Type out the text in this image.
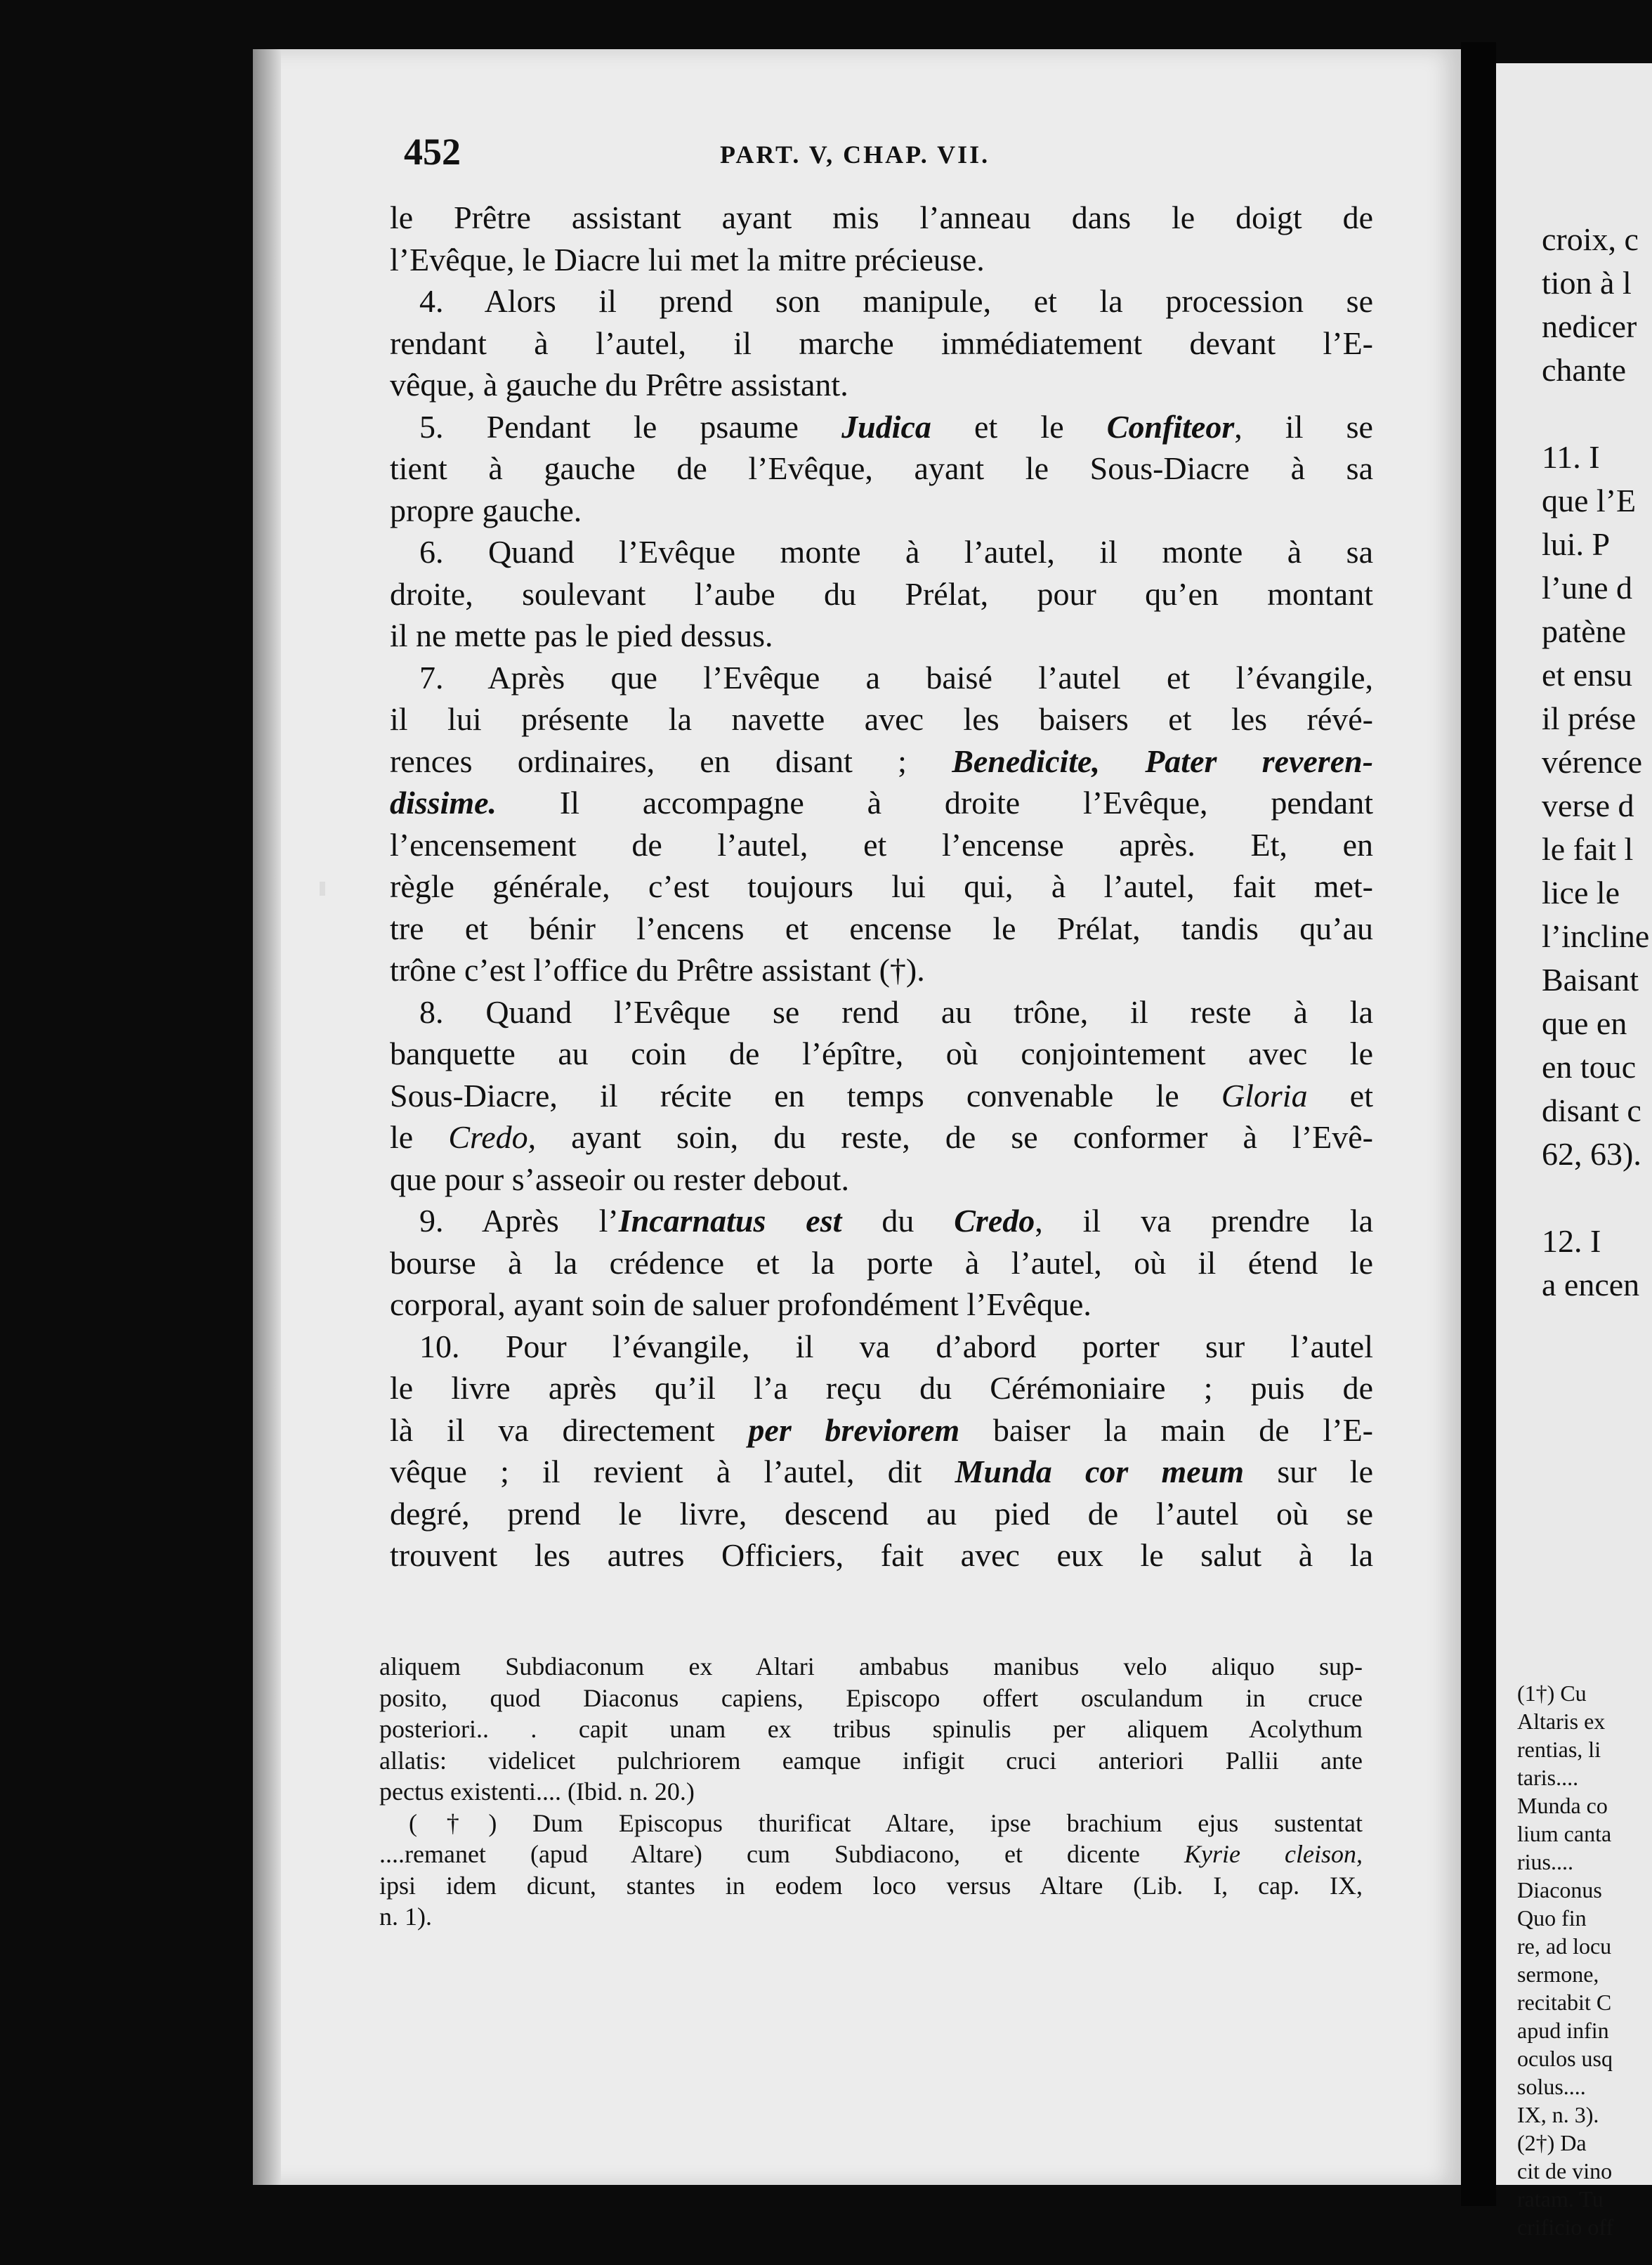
452	PART. V, CHAP. VII.
le Prêtre assistant ayant mis l’anneau dans le doigt de
l’Evêque, le Diacre lui met la mitre précieuse.
4. Alors il prend son manipule, et la procession se
rendant à l’autel, il marche immédiatement devant l’E-
vêque, à gauche du Prêtre assistant.
5. Pendant le psaume Judica et le Confiteor, il se
tient à gauche de l’Evêque, ayant le Sous-Diacre à sa
propre gauche.
6. Quand l’Evêque monte à l’autel, il monte à sa
droite, soulevant l’aube du Prélat, pour qu’en montant
il ne mette pas le pied dessus.
7. Après que l’Evêque a baisé l’autel et l’évangile,
il lui présente la navette avec les baisers et les révé-
rences ordinaires, en disant ; Benedicite, Pater reveren-
dissime. Il accompagne à droite l’Evêque, pendant
l’encensement de l’autel, et l’encense après. Et, en
règle générale, c’est toujours lui qui, à l’autel, fait met-
tre et bénir l’encens et encense le Prélat, tandis qu’au
trône c’est l’office du Prêtre assistant (†).
8. Quand l’Evêque se rend au trône, il reste à la
banquette au coin de l’épître, où conjointement avec le
Sous-Diacre, il récite en temps convenable le Gloria et
le Credo, ayant soin, du reste, de se conformer à l’Evê-
que pour s’asseoir ou rester debout.
9. Après l’Incarnatus est du Credo, il va prendre la
bourse à la crédence et la porte à l’autel, où il étend le
corporal, ayant soin de saluer profondément l’Evêque.
10. Pour l’évangile, il va d’abord porter sur l’autel
le livre après qu’il l’a reçu du Cérémoniaire ; puis de
là il va directement per breviorem baiser la main de l’E-
vêque ; il revient à l’autel, dit Munda cor meum sur le
degré, prend le livre, descend au pied de l’autel où se
trouvent les autres Officiers, fait avec eux le salut à la
aliquem Subdiaconum ex Altari ambabus manibus velo aliquo sup-
posito, quod Diaconus capiens, Episcopo offert osculandum in cruce
posteriori.. . capit unam ex tribus spinulis per aliquem Acolythum
allatis: videlicet pulchriorem eamque infigit cruci anteriori Pallii ante
pectus existenti.... (Ibid. n. 20.)
(†) Dum Episcopus thurificat Altare, ipse brachium ejus sustentat
....remanet (apud Altare) cum Subdiacono, et dicente Kyrie cleison,
ipsi idem dicunt, stantes in eodem loco versus Altare (Lib. I, cap. IX,
n. 1).
croix, c
tion à l
nedicer
chante
11. I
que l’E
lui. P
l’une d
patène
et ensu
il prése
vérence
verse d
le fait l
lice le
l’incline
Baisant
que en
en touc
disant c
62, 63).
12. I
a encen
(1†) Cu
Altaris ex
rentias, li
taris....
Munda co
lium canta
rius....
Diaconus
Quo fin
re, ad locu
sermone,
recitabit C
apud infin
oculos usq
solus....
IX, n. 3).
(2†) Da
cit de vino
ratam. Tu
crificio off
